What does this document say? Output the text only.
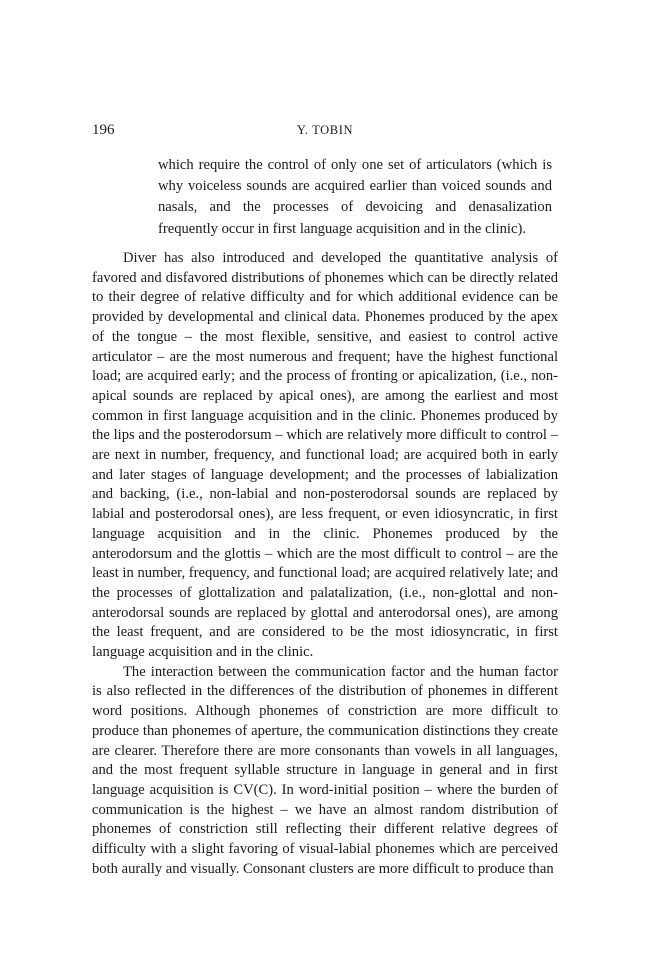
196	Y. TOBIN

which require the control of only one set of articulators (which is why voiceless sounds are acquired earlier than voiced sounds and nasals, and the processes of devoicing and denasalization frequently occur in first language acquisition and in the clinic).

Diver has also introduced and developed the quantitative analysis of favored and disfavored distributions of phonemes which can be directly related to their degree of relative difficulty and for which additional evidence can be provided by developmental and clinical data. Phonemes produced by the apex of the tongue – the most flexible, sensitive, and easiest to control active articulator – are the most numerous and frequent; have the highest functional load; are acquired early; and the process of fronting or apicalization, (i.e., non-apical sounds are replaced by apical ones), are among the earliest and most common in first language acquisition and in the clinic. Phonemes produced by the lips and the posterodorsum – which are relatively more difficult to control – are next in number, frequency, and functional load; are acquired both in early and later stages of language development; and the processes of labialization and backing, (i.e., non-labial and non-posterodorsal sounds are replaced by labial and posterodorsal ones), are less frequent, or even idiosyncratic, in first language acquisition and in the clinic. Phonemes produced by the anterodorsum and the glottis – which are the most difficult to control – are the least in number, frequency, and functional load; are acquired relatively late; and the processes of glottalization and palatalization, (i.e., non-glottal and non-anterodorsal sounds are replaced by glottal and anterodorsal ones), are among the least frequent, and are considered to be the most idiosyncratic, in first language acquisition and in the clinic.

The interaction between the communication factor and the human factor is also reflected in the differences of the distribution of phonemes in different word positions. Although phonemes of constriction are more difficult to produce than phonemes of aperture, the communication distinctions they create are clearer. Therefore there are more consonants than vowels in all languages, and the most frequent syllable structure in language in general and in first language acquisition is CV(C). In word-initial position – where the burden of communication is the highest – we have an almost random distribution of phonemes of constriction still reflecting their different relative degrees of difficulty with a slight favoring of visual-labial phonemes which are perceived both aurally and visually. Consonant clusters are more difficult to produce than
